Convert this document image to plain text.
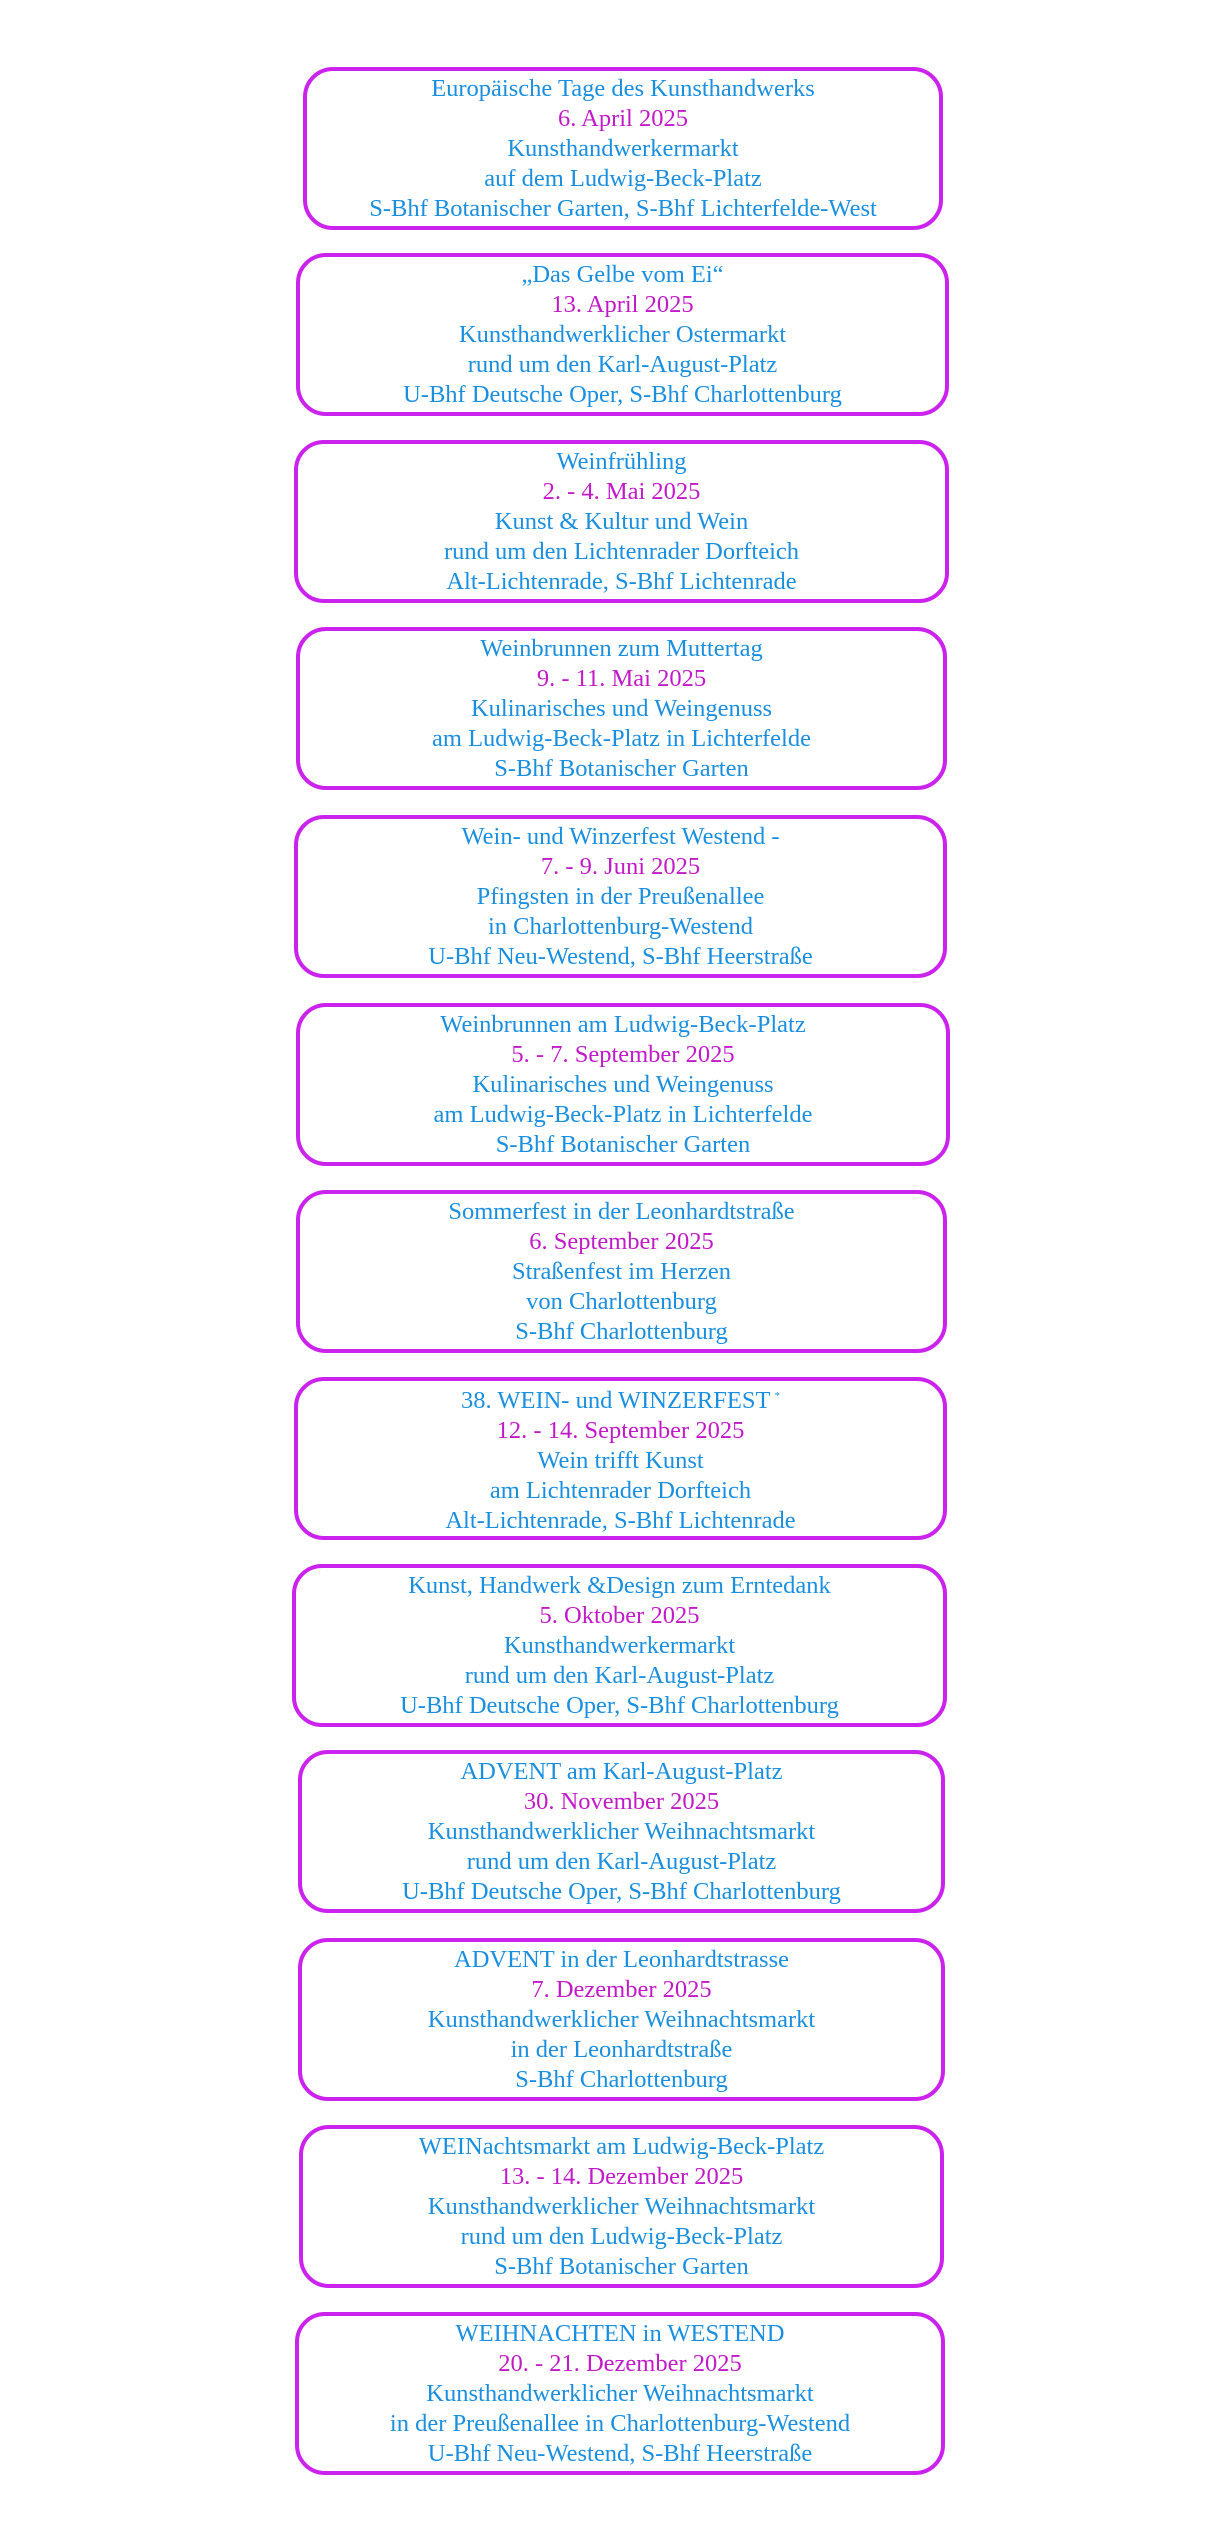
Europäische Tage des Kunsthandwerks
6. April 2025
Kunsthandwerkermarkt
auf dem Ludwig-Beck-Platz
S-Bhf Botanischer Garten, S-Bhf Lichterfelde-West
„Das Gelbe vom Ei“
13. April 2025
Kunsthandwerklicher Ostermarkt
rund um den Karl-August-Platz
U-Bhf Deutsche Oper, S-Bhf Charlottenburg
Weinfrühling
2. - 4. Mai 2025
Kunst & Kultur und Wein
rund um den Lichtenrader Dorfteich
Alt-Lichtenrade, S-Bhf Lichtenrade
Weinbrunnen zum Muttertag
9. - 11. Mai 2025
Kulinarisches und Weingenuss
am Ludwig-Beck-Platz in Lichterfelde
S-Bhf Botanischer Garten
Wein- und Winzerfest Westend -
7. - 9. Juni 2025
Pfingsten in der Preußenallee
in Charlottenburg-Westend
U-Bhf Neu-Westend, S-Bhf Heerstraße
Weinbrunnen am Ludwig-Beck-Platz
5. - 7. September 2025
Kulinarisches und Weingenuss
am Ludwig-Beck-Platz in Lichterfelde
S-Bhf Botanischer Garten
Sommerfest in der Leonhardtstraße
6. September 2025
Straßenfest im Herzen
von Charlottenburg
S-Bhf Charlottenburg
38. WEIN- und WINZERFEST *
12. - 14. September 2025
Wein trifft Kunst
am Lichtenrader Dorfteich
Alt-Lichtenrade, S-Bhf Lichtenrade
Kunst, Handwerk &Design zum Erntedank
5. Oktober 2025
Kunsthandwerkermarkt
rund um den Karl-August-Platz
U-Bhf Deutsche Oper, S-Bhf Charlottenburg
ADVENT am Karl-August-Platz
30. November 2025
Kunsthandwerklicher Weihnachtsmarkt
rund um den Karl-August-Platz
U-Bhf Deutsche Oper, S-Bhf Charlottenburg
ADVENT in der Leonhardtstrasse
7. Dezember 2025
Kunsthandwerklicher Weihnachtsmarkt
in der Leonhardtstraße
S-Bhf Charlottenburg
WEINachtsmarkt am Ludwig-Beck-Platz
13. - 14. Dezember 2025
Kunsthandwerklicher Weihnachtsmarkt
rund um den Ludwig-Beck-Platz
S-Bhf Botanischer Garten
WEIHNACHTEN in WESTEND
20. - 21. Dezember 2025
Kunsthandwerklicher Weihnachtsmarkt
in der Preußenallee in Charlottenburg-Westend
U-Bhf Neu-Westend, S-Bhf Heerstraße
